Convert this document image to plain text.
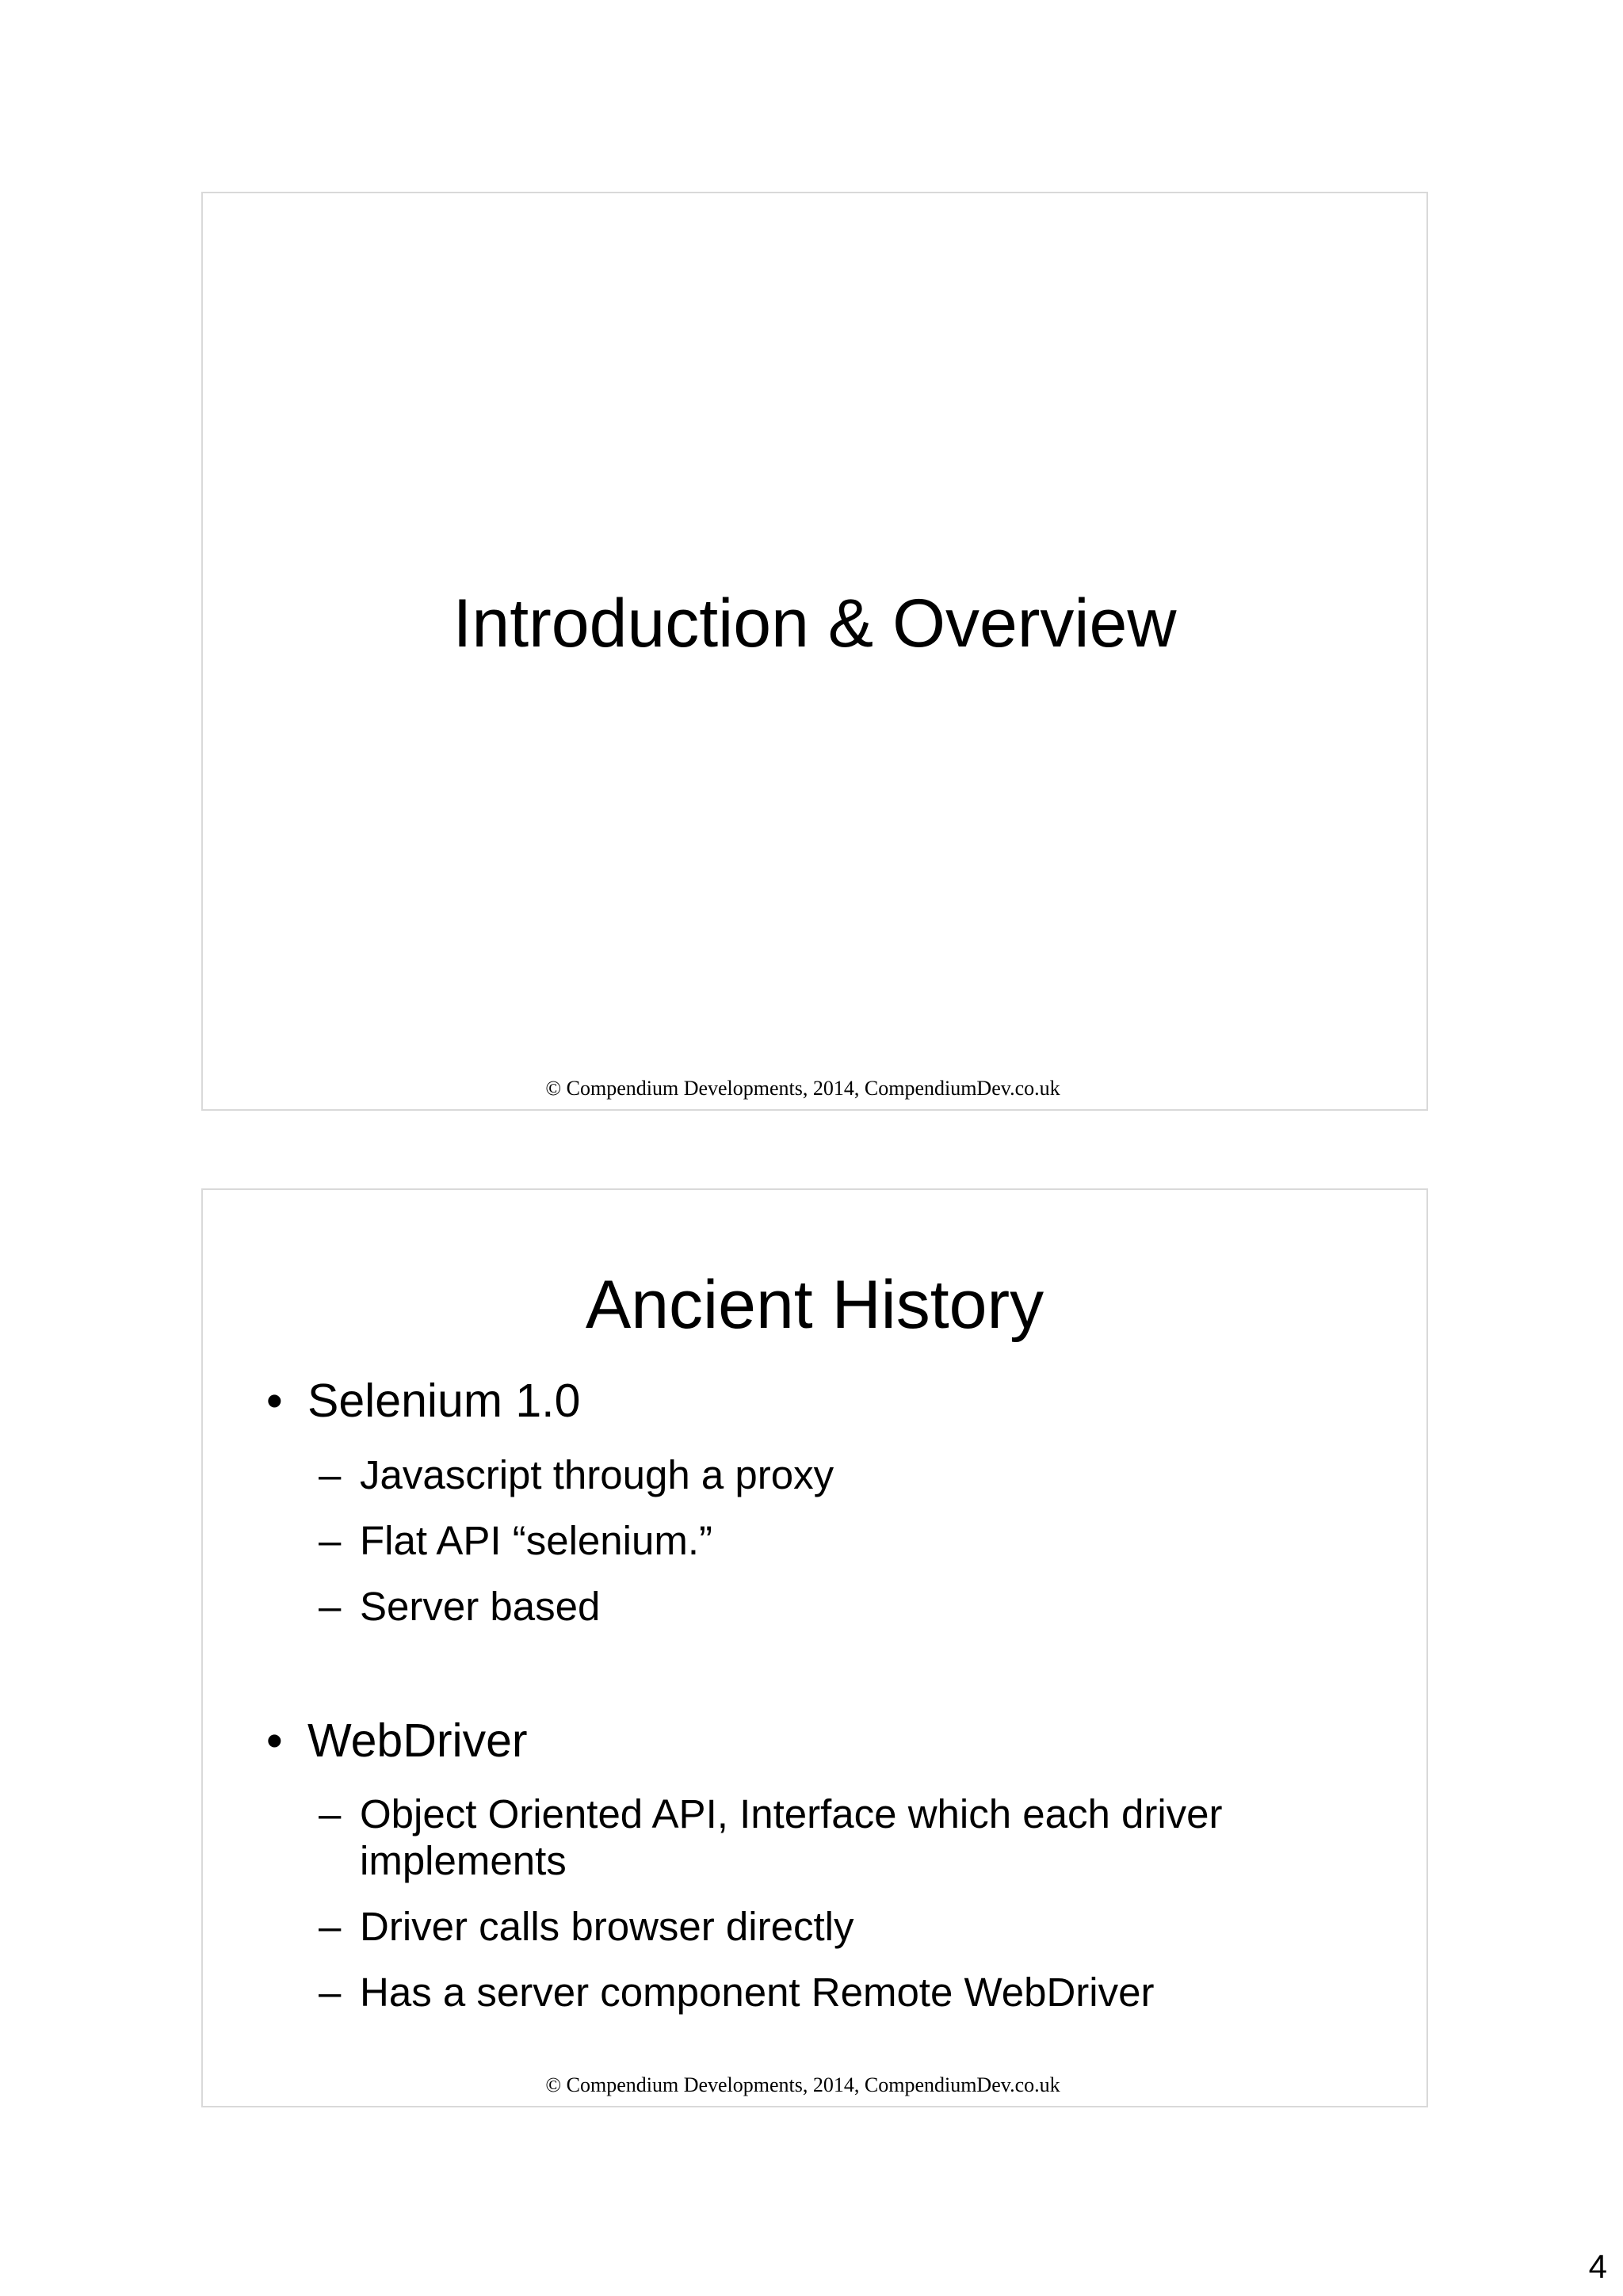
Introduction & Overview
© Compendium Developments, 2014, CompendiumDev.co.uk
Ancient History
• Selenium 1.0
– Javascript through a proxy
– Flat API “selenium.”
– Server based
• WebDriver
– Object Oriented API, Interface which each driver implements
– Driver calls browser directly
– Has a server component Remote WebDriver
© Compendium Developments, 2014, CompendiumDev.co.uk
4
